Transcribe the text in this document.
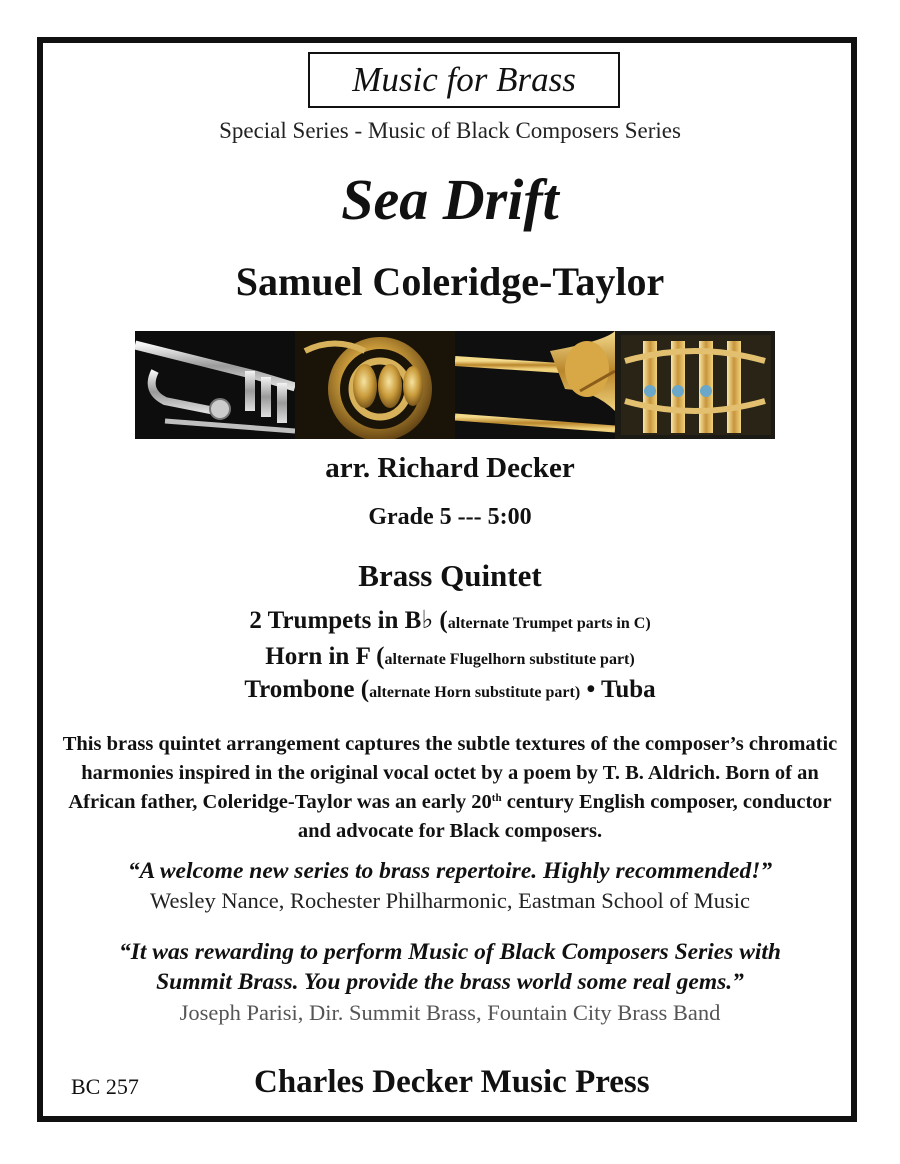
Music for Brass
Special Series - Music of Black Composers Series
Sea Drift
Samuel Coleridge-Taylor
arr. Richard Decker
Grade 5 --- 5:00
Brass Quintet
2 Trumpets in B♭ (alternate Trumpet parts in C)
Horn in F (alternate Flugelhorn substitute part)
Trombone (alternate Horn substitute part) • Tuba
This brass quintet arrangement captures the subtle textures of the composer’s chromatic harmonies inspired in the original vocal octet by a poem by T. B. Aldrich. Born of an African father, Coleridge-Taylor was an early 20th century English composer, conductor and advocate for Black composers.
“A welcome new series to brass repertoire. Highly recommended!”
Wesley Nance, Rochester Philharmonic, Eastman School of Music
“It was rewarding to perform Music of Black Composers Series with
Summit Brass. You provide the brass world some real gems.”
Joseph Parisi, Dir. Summit Brass, Fountain City Brass Band
BC 257	Charles Decker Music Press
